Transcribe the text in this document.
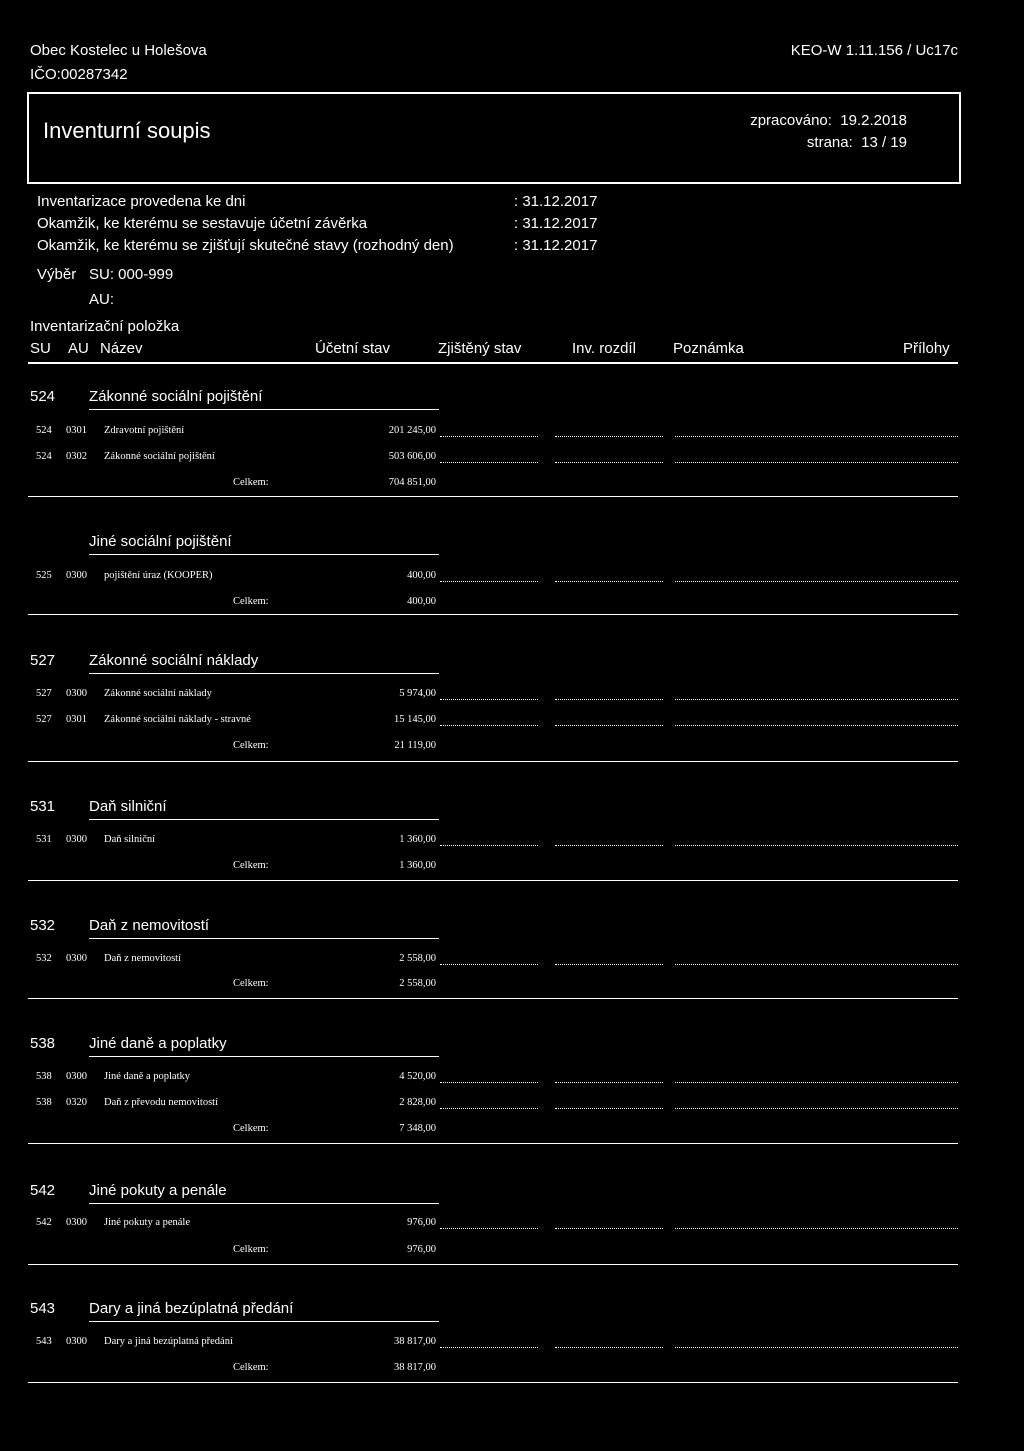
Obec Kostelec u Holešova
IČO:00287342
KEO-W 1.11.156 / Uc17c
Inventurní soupis	zpracováno: 19.2.2018
strana: 13 / 19
Inventarizace provedena ke dni	: 31.12.2017
Okamžik, ke kterému se sestavuje účetní závěrka	: 31.12.2017
Okamžik, ke kterému se zjišťují skutečné stavy (rozhodný den)	: 31.12.2017
Výběr SU: 000-999
AU:
Inventarizační položka
SU AU Název	Účetní stav	Zjištěný stav	Inv. rozdíl Poznámka	Přílohy
524 Zákonné sociální pojištění
524 0301 Zdravotní pojištění	201 245,00
524 0302 Zákonné sociální pojištění	503 606,00
Celkem:	704 851,00
Jiné sociální pojištění
525 0300 pojištění úraz (KOOPER)	400,00
Celkem:	400,00
527 Zákonné sociální náklady
527 0300 Zákonné sociální náklady	5 974,00
527 0301 Zákonné sociální náklady - stravné	15 145,00
Celkem:	21 119,00
531 Daň silniční
531 0300 Daň silniční	1 360,00
Celkem:	1 360,00
532 Daň z nemovitostí
532 0300 Daň z nemovitostí	2 558,00
Celkem:	2 558,00
538 Jiné daně a poplatky
538 0300 Jiné daně a poplatky	4 520,00
538 0320 Daň z převodu nemovitostí	2 828,00
Celkem:	7 348,00
542 Jiné pokuty a penále
542 0300 Jiné pokuty a penále	976,00
Celkem:	976,00
543 Dary a jiná bezúplatná předání
543 0300 Dary a jiná bezúplatná předání	38 817,00
Celkem:	38 817,00
